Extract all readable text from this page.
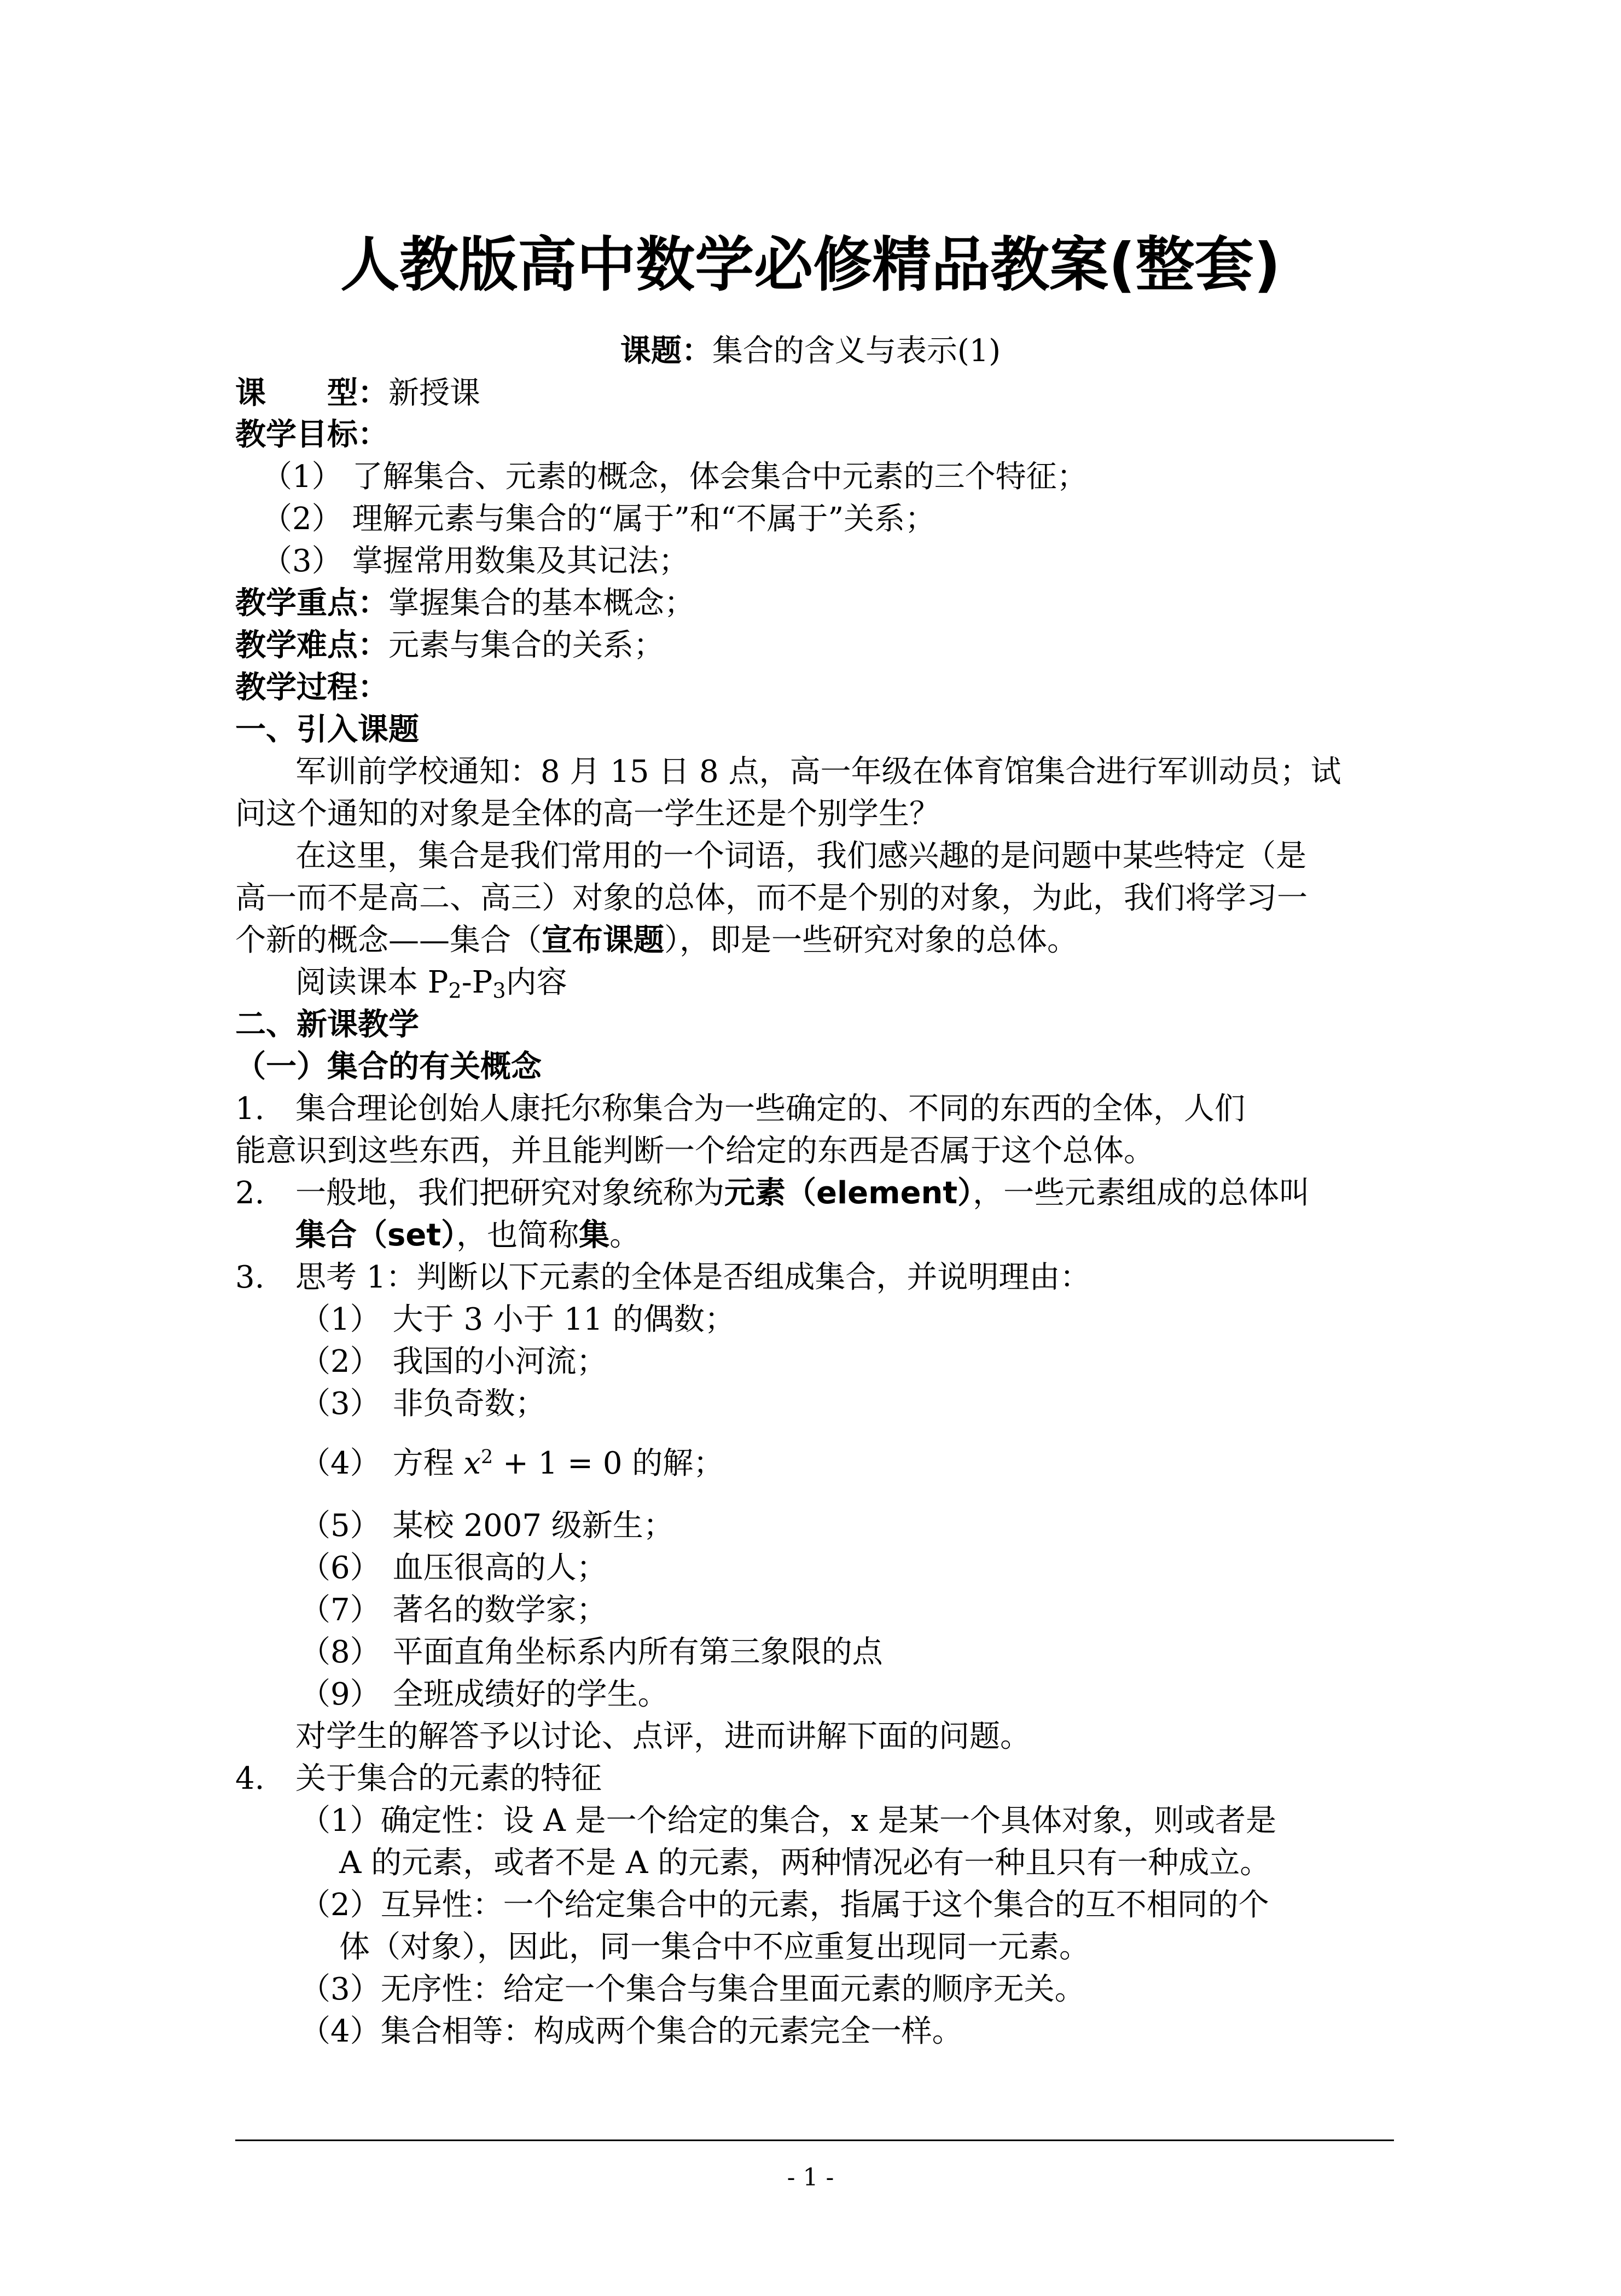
人教版高中数学必修精品教案(整套)
课题：集合的含义与表示(1)
课　　型：新授课
教学目标：
（1） 了解集合、元素的概念，体会集合中元素的三个特征；
（2） 理解元素与集合的“属于”和“不属于”关系；
（3） 掌握常用数集及其记法；
教学重点：掌握集合的基本概念；
教学难点：元素与集合的关系；
教学过程：
一、引入课题
军训前学校通知：8 月 15 日 8 点，高一年级在体育馆集合进行军训动员；试
问这个通知的对象是全体的高一学生还是个别学生？
在这里，集合是我们常用的一个词语，我们感兴趣的是问题中某些特定（是
高一而不是高二、高三）对象的总体，而不是个别的对象，为此，我们将学习一
个新的概念——集合（宣布课题），即是一些研究对象的总体。
阅读课本 $P_2-P_3$内容
二、新课教学
（一）集合的有关概念
1. 集合理论创始人康托尔称集合为一些确定的、不同的东西的全体，人们
能意识到这些东西，并且能判断一个给定的东西是否属于这个总体。
2. 一般地，我们把研究对象统称为元素（element），一些元素组成的总体叫
集合（set），也简称集。
3. 思考 1：判断以下元素的全体是否组成集合，并说明理由：
（1） 大于 3 小于 11 的偶数；
（2） 我国的小河流；
（3） 非负奇数；
（4） 方程 $x^2 + 1 = 0$ 的解；
（5） 某校 2007 级新生；
（6） 血压很高的人；
（7） 著名的数学家；
（8） 平面直角坐标系内所有第三象限的点
（9） 全班成绩好的学生。
对学生的解答予以讨论、点评，进而讲解下面的问题。
4. 关于集合的元素的特征
（1）确定性：设 A 是一个给定的集合，x 是某一个具体对象，则或者是
A 的元素，或者不是 A 的元素，两种情况必有一种且只有一种成立。
（2）互异性：一个给定集合中的元素，指属于这个集合的互不相同的个
体（对象），因此，同一集合中不应重复出现同一元素。
（3）无序性：给定一个集合与集合里面元素的顺序无关。
（4）集合相等：构成两个集合的元素完全一样。
- 1 -
